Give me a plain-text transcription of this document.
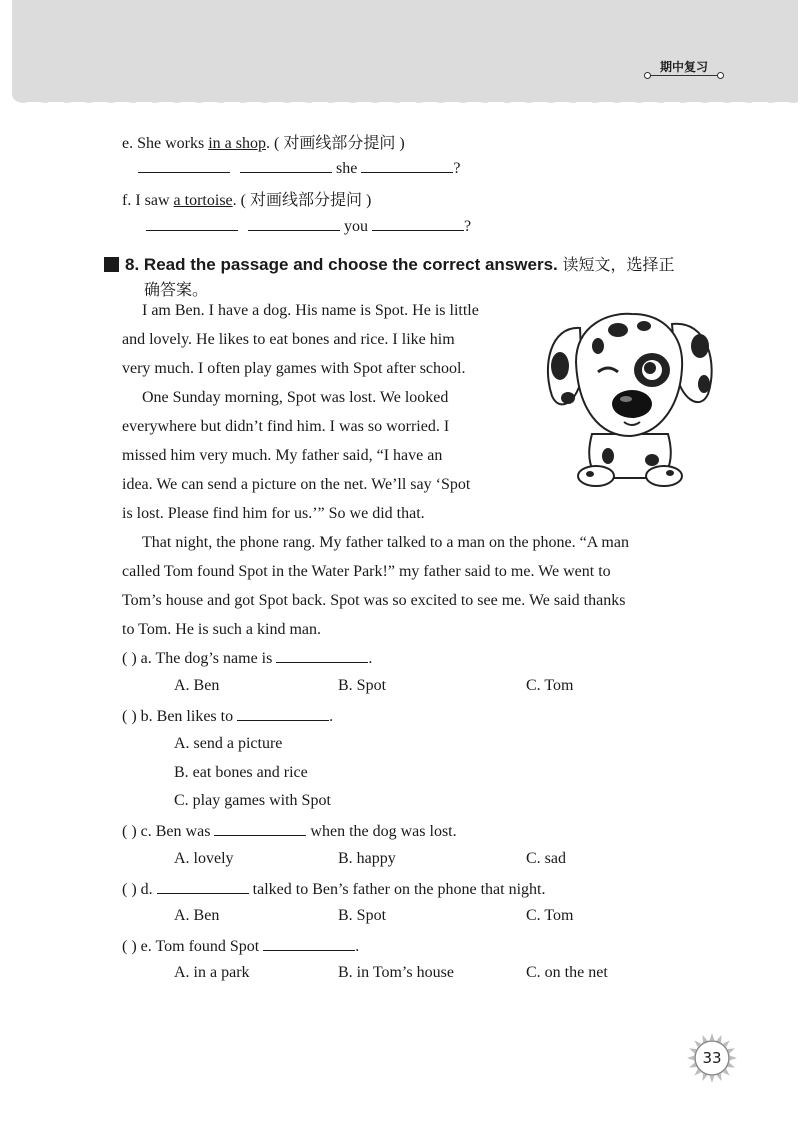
期中复习
e. She works in a shop. ( 对画线部分提问 )
she	?
f. I saw a tortoise. ( 对画线部分提问 )
you	?
8. Read the passage and choose the correct answers. 读短文，选择正
确答案。
I am Ben. I have a dog. His name is Spot. He is little
and lovely. He likes to eat bones and rice. I like him
very much. I often play games with Spot after school.
One Sunday morning, Spot was lost. We looked
everywhere but didn’t find him. I was so worried. I
missed him very much. My father said, “I have an
idea. We can send a picture on the net. We’ll say ‘Spot
is lost. Please find him for us.’” So we did that.
That night, the phone rang. My father talked to a man on the phone. “A man
called Tom found Spot in the Water Park!” my father said to me. We went to
Tom’s house and got Spot back. Spot was so excited to see me. We said thanks
to Tom. He is such a kind man.
( ) a. The dog’s name is	.
A. Ben	B. Spot	C. Tom
( ) b. Ben likes to	.
A. send a picture
B. eat bones and rice
C. play games with Spot
( ) c. Ben was	when the dog was lost.
A. lovely	B. happy	C. sad
( ) d.	talked to Ben’s father on the phone that night.
A. Ben	B. Spot	C. Tom
( ) e. Tom found Spot	.
A. in a park	B. in Tom’s house	C. on the net
33
